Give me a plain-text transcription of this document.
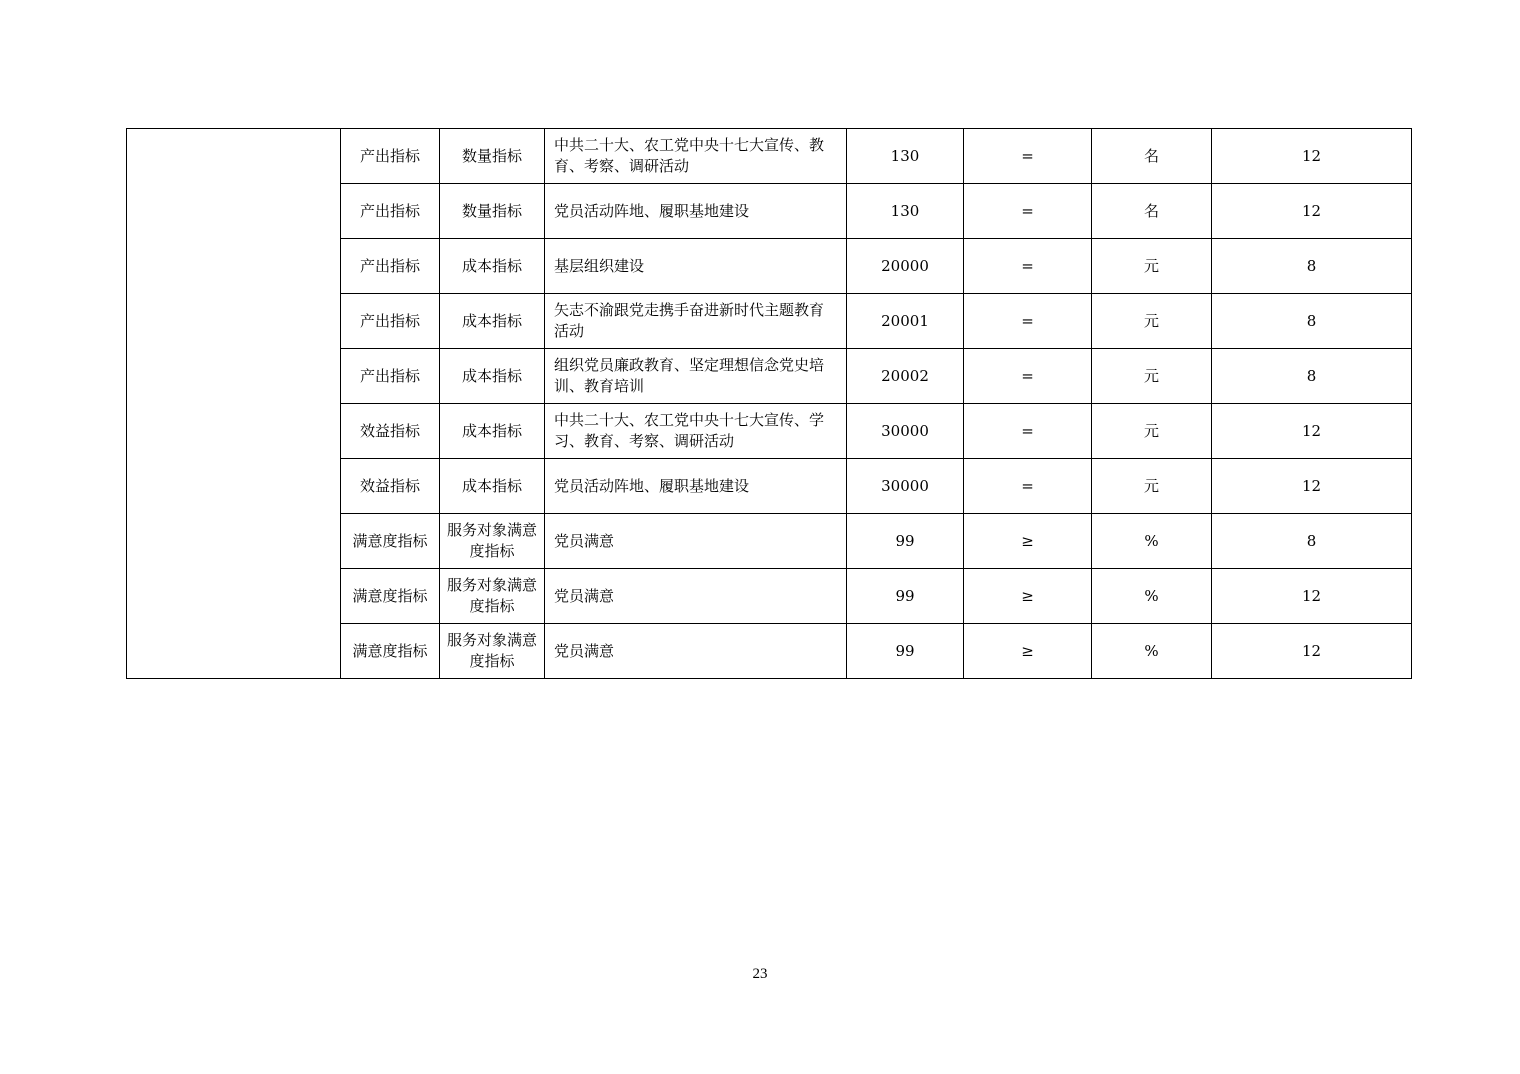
	产出指标	数量指标	中共二十大、农工党中央十七大宣传、教育、考察、调研活动	130	=	名	12
	产出指标	数量指标	党员活动阵地、履职基地建设	130	=	名	12
	产出指标	成本指标	基层组织建设	20000	=	元	8
	产出指标	成本指标	矢志不渝跟党走携手奋进新时代主题教育活动	20001	=	元	8
	产出指标	成本指标	组织党员廉政教育、坚定理想信念党史培训、教育培训	20002	=	元	8
	效益指标	成本指标	中共二十大、农工党中央十七大宣传、学习、教育、考察、调研活动	30000	=	元	12
	效益指标	成本指标	党员活动阵地、履职基地建设	30000	=	元	12
	满意度指标	服务对象满意度指标	党员满意	99	≥	%	8
	满意度指标	服务对象满意度指标	党员满意	99	≥	%	12
	满意度指标	服务对象满意度指标	党员满意	99	≥	%	12
23
